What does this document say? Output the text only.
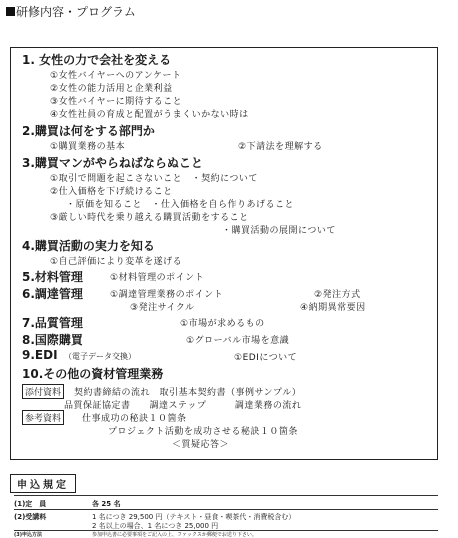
研修内容・プログラム
1. 女性の力で会社を変える
①女性バイヤーへのアンケート
②女性の能力活用と企業利益
③女性バイヤーに期待すること
④女性社員の育成と配置がうまくいかない時は
2.購買は何をする部門か
①購買業務の基本	②下請法を理解する
3.購買マンがやらねばならぬこと
①取引で問題を起こさないこと　・契約について
②仕入価格を下げ続けること
・原価を知ること　・仕入価格を自ら作りあげること
③厳しい時代を乗り越える購買活動をすること
・購買活動の展開について
4.購買活動の実力を知る
①自己評価により変革を遂げる
5.材料管理	①材料管理のポイント
6.調達管理	①調達管理業務のポイント	②発注方式
③発注サイクル	④納期異常要因
7.品質管理	①市場が求めるもの
8.国際購買	①グローバル市場を意識
9.EDI （電子データ交換）	①EDIについて
10.その他の資材管理業務
添付資料	契約書締結の流れ　取引基本契約書（事例サンプル）
品質保証協定書　　調達ステップ　　　調達業務の流れ
参考資料	仕事成功の秘訣１０箇条
プロジェクト活動を成功させる秘訣１０箇条
＜質疑応答＞
申込規定
(1)定　員	各 25 名
(2)受講料	1 名につき 29,500 円（テキスト・昼食・喫茶代・消費税含む）
2 名以上の場合、1 名につき 25,000 円
(3)申込方法	参加申込書に必要事項をご記入の上、ファックスか郵便でお送り下さい。
